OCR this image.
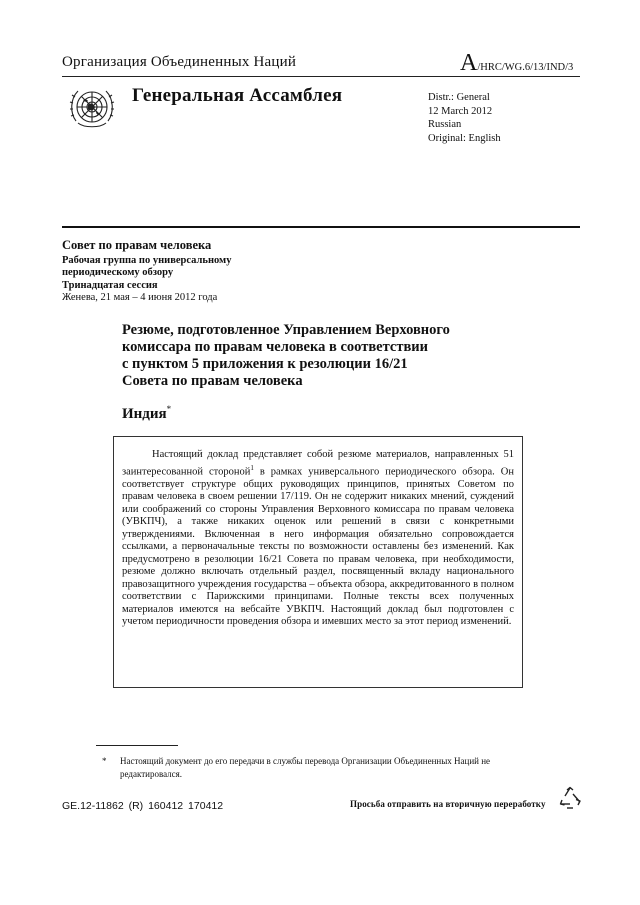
Организация Объединенных Наций	A/HRC/WG.6/13/IND/3
Генеральная Ассамблея	Distr.: General
12 March 2012
Russian
Original: English
Совет по правам человека
Рабочая группа по универсальному
периодическому обзору
Тринадцатая сессия
Женева, 21 мая – 4 июня 2012 года
Резюме, подготовленное Управлением Верховного
комиссара по правам человека в соответствии
с пунктом 5 приложения к резолюции 16/21
Совета по правам человека
Индия*

Настоящий доклад представляет собой резюме материалов, направленных 51 заинтересованной стороной$^1$ в рамках универсального периодического обзора. Он соответствует структуре общих руководящих принципов, принятых Советом по правам человека в своем решении 17/119. Он не содержит никаких мнений, суждений или соображений со стороны Управления Верховного комиссара по правам человека (УВКПЧ), а также никаких оценок или решений в связи с конкретными утверждениями. Включенная в него информация обязательно сопровождается ссылками, а первоначальные тексты по возможности оставлены без изменений. Как предусмотрено в резолюции 16/21 Совета по правам человека, при необходимости, резюме должно включать отдельный раздел, посвященный вкладу национального правозащитного учреждения государства – объекта обзора, аккредитованного в полном соответствии с Парижскими принципами. Полные тексты всех полученных материалов имеются на вебсайте УВКПЧ. Настоящий доклад был подготовлен с учетом периодичности проведения обзора и имевших место за этот период изменений.

* Настоящий документ до его передачи в службы перевода Организации Объединенных Наций не редактировался.
GE.12-11862 (R) 160412 170412	Просьба отправить на вторичную переработку
